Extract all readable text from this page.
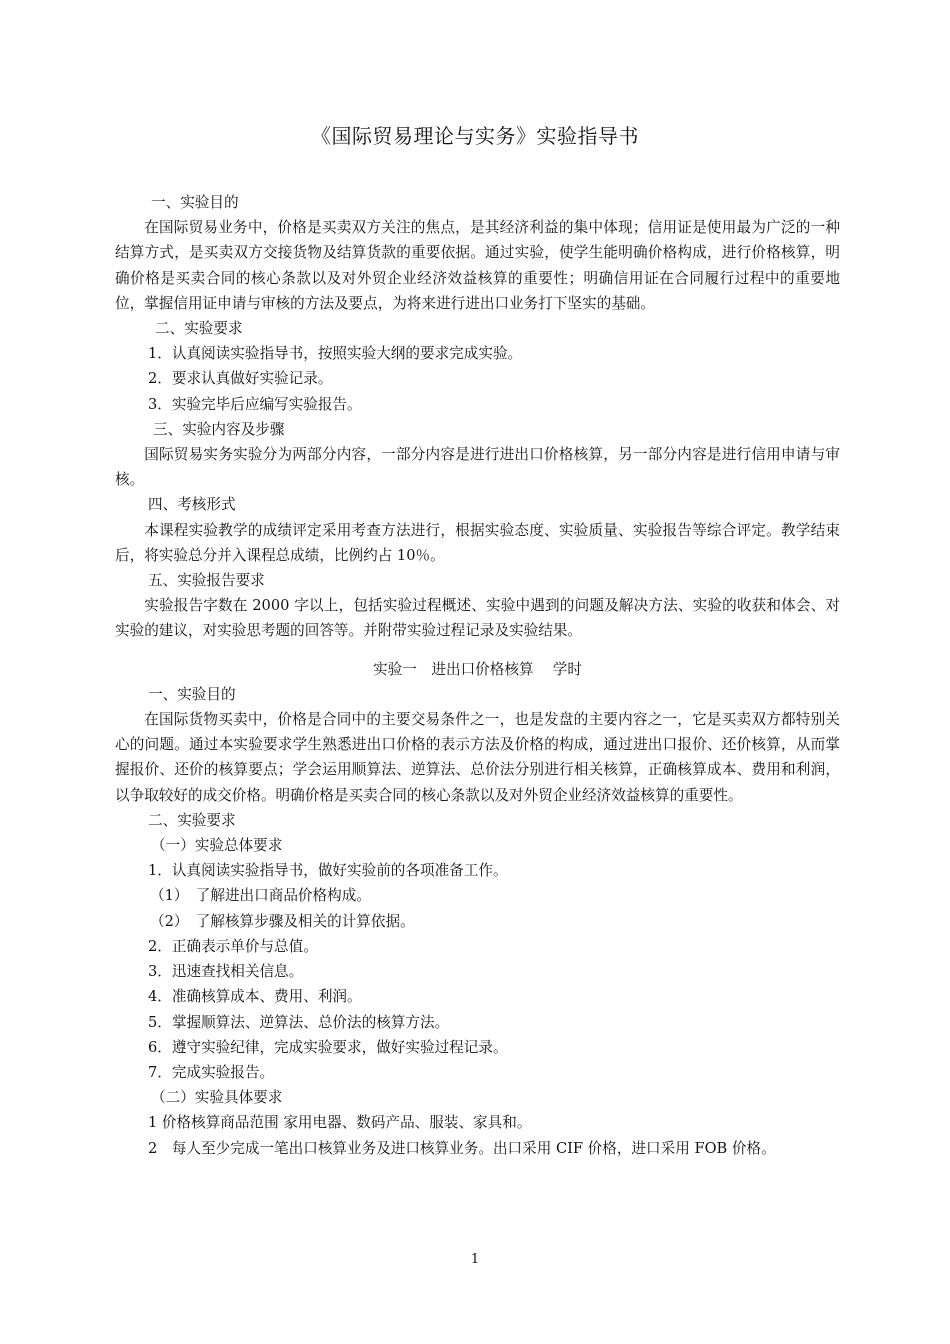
《国际贸易理论与实务》实验指导书

一、实验目的

在国际贸易业务中，价格是买卖双方关注的焦点，是其经济利益的集中体现；信用证是使用最为广泛的一种结算方式，是买卖双方交接货物及结算货款的重要依据。通过实验，使学生能明确价格构成，进行价格核算，明确价格是买卖合同的核心条款以及对外贸企业经济效益核算的重要性；明确信用证在合同履行过程中的重要地位，掌握信用证申请与审核的方法及要点，为将来进行进出口业务打下坚实的基础。

二、实验要求

1．认真阅读实验指导书，按照实验大纲的要求完成实验。

2．要求认真做好实验记录。

3．实验完毕后应编写实验报告。

三、实验内容及步骤

国际贸易实务实验分为两部分内容，一部分内容是进行进出口价格核算，另一部分内容是进行信用申请与审核。

四、考核形式

本课程实验教学的成绩评定采用考查方法进行，根据实验态度、实验质量、实验报告等综合评定。教学结束后，将实验总分并入课程总成绩，比例约占 10％。

五、实验报告要求

实验报告字数在 2000 字以上，包括实验过程概述、实验中遇到的问题及解决方法、实验的收获和体会、对实验的建议，对实验思考题的回答等。并附带实验过程记录及实验结果。

实验一　进出口价格核算　 学时

一、实验目的

在国际货物买卖中，价格是合同中的主要交易条件之一，也是发盘的主要内容之一，它是买卖双方都特别关心的问题。通过本实验要求学生熟悉进出口价格的表示方法及价格的构成，通过进出口报价、还价核算，从而掌握报价、还价的核算要点；学会运用顺算法、逆算法、总价法分别进行相关核算，正确核算成本、费用和利润，以争取较好的成交价格。明确价格是买卖合同的核心条款以及对外贸企业经济效益核算的重要性。

二、实验要求

（一）实验总体要求

1．认真阅读实验指导书，做好实验前的各项准备工作。

（1）　了解进出口商品价格构成。

（2）　了解核算步骤及相关的计算依据。

2．正确表示单价与总值。

3．迅速查找相关信息。

4．准确核算成本、费用、利润。

5．掌握顺算法、逆算法、总价法的核算方法。

6．遵守实验纪律，完成实验要求，做好实验过程记录。

7．完成实验报告。

（二）实验具体要求

1 价格核算商品范围 家用电器、数码产品、服装、家具和。

2　每人至少完成一笔出口核算业务及进口核算业务。出口采用 CIF 价格，进口采用 FOB 价格。

1
